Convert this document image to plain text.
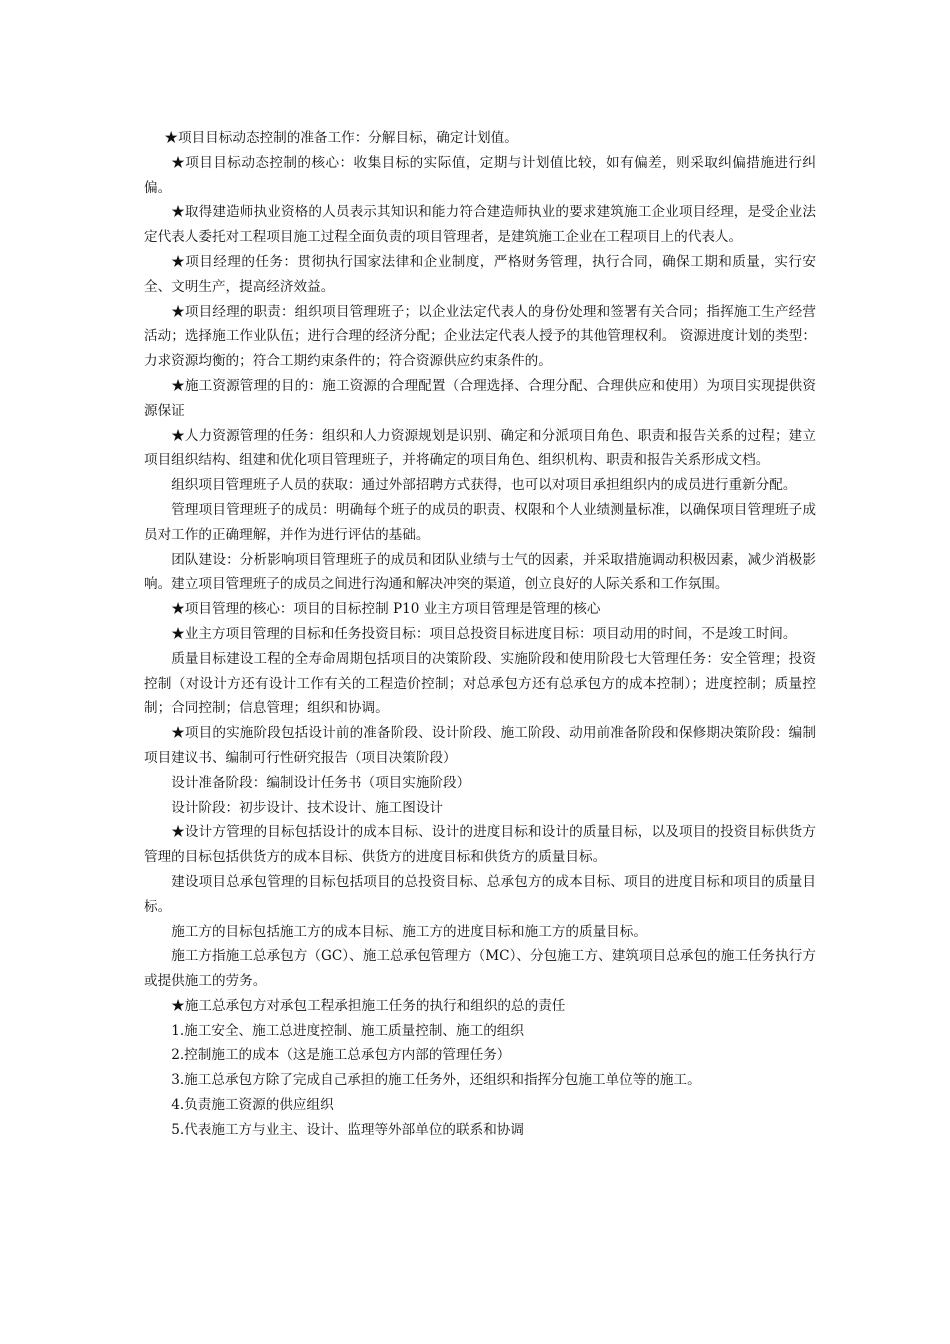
★项目目标动态控制的准备工作：分解目标，确定计划值。

★项目目标动态控制的核心：收集目标的实际值，定期与计划值比较，如有偏差，则采取纠偏措施进行纠偏。

★取得建造师执业资格的人员表示其知识和能力符合建造师执业的要求建筑施工企业项目经理，是受企业法定代表人委托对工程项目施工过程全面负责的项目管理者，是建筑施工企业在工程项目上的代表人。

★项目经理的任务：贯彻执行国家法律和企业制度，严格财务管理，执行合同，确保工期和质量，实行安全、文明生产，提高经济效益。

★项目经理的职责：组织项目管理班子；以企业法定代表人的身份处理和签署有关合同；指挥施工生产经营活动；选择施工作业队伍；进行合理的经济分配；企业法定代表人授予的其他管理权利。 资源进度计划的类型：力求资源均衡的；符合工期约束条件的；符合资源供应约束条件的。

★施工资源管理的目的：施工资源的合理配置（合理选择、合理分配、合理供应和使用）为项目实现提供资源保证

★人力资源管理的任务：组织和人力资源规划是识别、确定和分派项目角色、职责和报告关系的过程；建立项目组织结构、组建和优化项目管理班子，并将确定的项目角色、组织机构、职责和报告关系形成文档。

组织项目管理班子人员的获取：通过外部招聘方式获得，也可以对项目承担组织内的成员进行重新分配。

管理项目管理班子的成员：明确每个班子的成员的职责、权限和个人业绩测量标准，以确保项目管理班子成员对工作的正确理解，并作为进行评估的基础。

团队建设：分析影响项目管理班子的成员和团队业绩与士气的因素，并采取措施调动积极因素，减少消极影响。建立项目管理班子的成员之间进行沟通和解决冲突的渠道，创立良好的人际关系和工作氛围。

★项目管理的核心：项目的目标控制 P10 业主方项目管理是管理的核心

★业主方项目管理的目标和任务投资目标：项目总投资目标进度目标：项目动用的时间，不是竣工时间。

质量目标建设工程的全寿命周期包括项目的决策阶段、实施阶段和使用阶段七大管理任务：安全管理；投资控制（对设计方还有设计工作有关的工程造价控制；对总承包方还有总承包方的成本控制）；进度控制；质量控制；合同控制；信息管理；组织和协调。

★项目的实施阶段包括设计前的准备阶段、设计阶段、施工阶段、动用前准备阶段和保修期决策阶段：编制项目建议书、编制可行性研究报告（项目决策阶段）

设计准备阶段：编制设计任务书（项目实施阶段）

设计阶段：初步设计、技术设计、施工图设计

★设计方管理的目标包括设计的成本目标、设计的进度目标和设计的质量目标，以及项目的投资目标供货方管理的目标包括供货方的成本目标、供货方的进度目标和供货方的质量目标。

建设项目总承包管理的目标包括项目的总投资目标、总承包方的成本目标、项目的进度目标和项目的质量目标。

施工方的目标包括施工方的成本目标、施工方的进度目标和施工方的质量目标。

施工方指施工总承包方（GC）、施工总承包管理方（MC）、分包施工方、建筑项目总承包的施工任务执行方或提供施工的劳务。

★施工总承包方对承包工程承担施工任务的执行和组织的总的责任

1.施工安全、施工总进度控制、施工质量控制、施工的组织

2.控制施工的成本（这是施工总承包方内部的管理任务）

3.施工总承包方除了完成自己承担的施工任务外，还组织和指挥分包施工单位等的施工。

4.负责施工资源的供应组织

5.代表施工方与业主、设计、监理等外部单位的联系和协调
